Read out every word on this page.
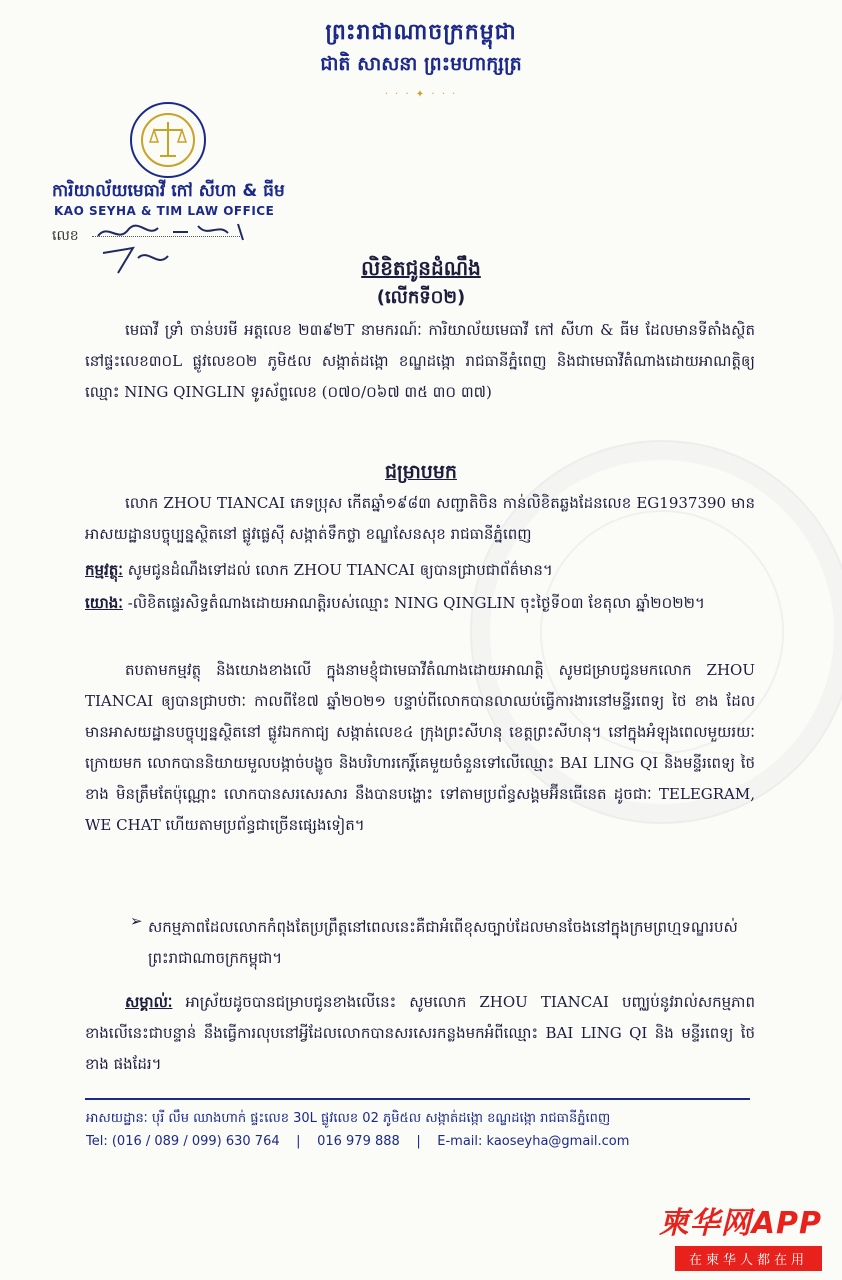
ព្រះរាជាណាចក្រកម្ពុជា
ជាតិ សាសនា ព្រះមហាក្សត្រ
· · · ✦ · · ·
ការិយាល័យមេធាវី កៅ សីហា & ធីម
KAO SEYHA & TIM LAW OFFICE
លេខ
លិខិតជូនដំណឹង
(លើកទី០២)
មេធាវី ទ្រាំ ចាន់បរមី អត្តលេខ ២៣៩២T នាមករណ៍ៈ ការិយាល័យមេធាវី កៅ សីហា & ធីម ដែលមានទីតាំងស្ថិតនៅផ្ទះលេខ៣០L ផ្លូវលេខ០២ ភូមិ៥ល សង្កាត់ដង្កោ ខណ្ឌដង្កោ រាជធានីភ្នំពេញ និងជាមេធាវីតំណាងដោយអាណត្តិឲ្យឈ្មោះ NING QINGLIN ទូរស័ព្ទលេខ (០៧០/០៦៧ ៣៥ ៣០ ៣៧)
ជម្រាបមក
លោក ZHOU TIANCAI ភេទប្រុស កើតឆ្នាំ១៩៨៣ សញ្ជាតិចិន កាន់លិខិតឆ្លងដែនលេខ EG1937390 មានអាសយដ្ឋានបច្ចុប្បន្នស្ថិតនៅ ផ្លូវផ្លេស៊ី សង្កាត់ទឹកថ្លា ខណ្ឌសែនសុខ រាជធានីភ្នំពេញ
កម្មវត្ថុៈ សូមជូនដំណឹងទៅដល់ លោក ZHOU TIANCAI ឲ្យបានជ្រាបជាព័ត៌មាន។
យោងៈ -លិខិតផ្ទេរសិទ្ធតំណាងដោយអាណត្តិរបស់ឈ្មោះ NING QINGLIN ចុះថ្ងៃទី០៣ ខែតុលា ឆ្នាំ២០២២។
តបតាមកម្មវត្ថុ និងយោងខាងលើ ក្នុងនាមខ្ញុំជាមេធាវីតំណាងដោយអាណត្តិ សូមជម្រាបជូនមកលោក ZHOU TIANCAI ឲ្យបានជ្រាបថាៈ កាលពីខែ៧ ឆ្នាំ២០២១ បន្ទាប់ពីលោកបានលាឈប់ធ្វើការងារនៅមន្ទីរពេទ្យ ថៃ ខាង ដែលមានអាសយដ្ឋានបច្ចុប្បន្នស្ថិតនៅ ផ្លូវឯកកាជ្យ សង្កាត់លេខ៤ ក្រុងព្រះសីហនុ ខេត្តព្រះសីហនុ។ នៅក្នុងអំឡុងពេលមួយរយៈក្រោយមក លោកបាននិយាយមួលបង្កាច់បង្ខូច និងបរិហារកេរ្តិ៍គេមួយចំនួនទៅលើឈ្មោះ BAI LING QI និងមន្ទីរពេទ្យ ថៃ ខាង មិនត្រឹមតែប៉ុណ្ណោះ លោកបានសរសេរសារ នឹងបានបង្ហោះ ទៅតាមប្រព័ន្ធសង្គមអ៊ីនធើនេត ដូចជាៈ TELEGRAM, WE CHAT ហើយតាមប្រព័ន្ធជាច្រើនផ្សេងទៀត។
➢ សកម្មភាពដែលលោកកំពុងតែប្រព្រឹត្តនៅពេលនេះគឺជាអំពើខុសច្បាប់ដែលមានចែងនៅក្នុងក្រមព្រហ្មទណ្ឌរបស់ព្រះរាជាណាចក្រកម្ពុជា។
សម្គាល់ៈ អាស្រ័យដូចបានជម្រាបជូនខាងលើនេះ សូមលោក ZHOU TIANCAI បញ្ឈប់នូវរាល់សកម្មភាពខាងលើនេះជាបន្ទាន់ នឹងធ្វើការលុបនៅអ្វីដែលលោកបានសរសេរកន្លងមកអំពីឈ្មោះ BAI LING QI និង មន្ទីរពេទ្យ ថៃ ខាង ផងដែរ។
អាសយដ្ឋានៈ បុរី លឹម ឈាងហាក់ ផ្ទះលេខ 30L ផ្លូវលេខ 02 ភូមិ៥ល សង្កាត់ដង្កោ ខណ្ឌដង្កោ រាជធានីភ្នំពេញ
Tel: (016 / 089 / 099) 630 764 | 016 979 888 | E-mail: kaoseyha@gmail.com
柬华网APP
在柬华人都在用
